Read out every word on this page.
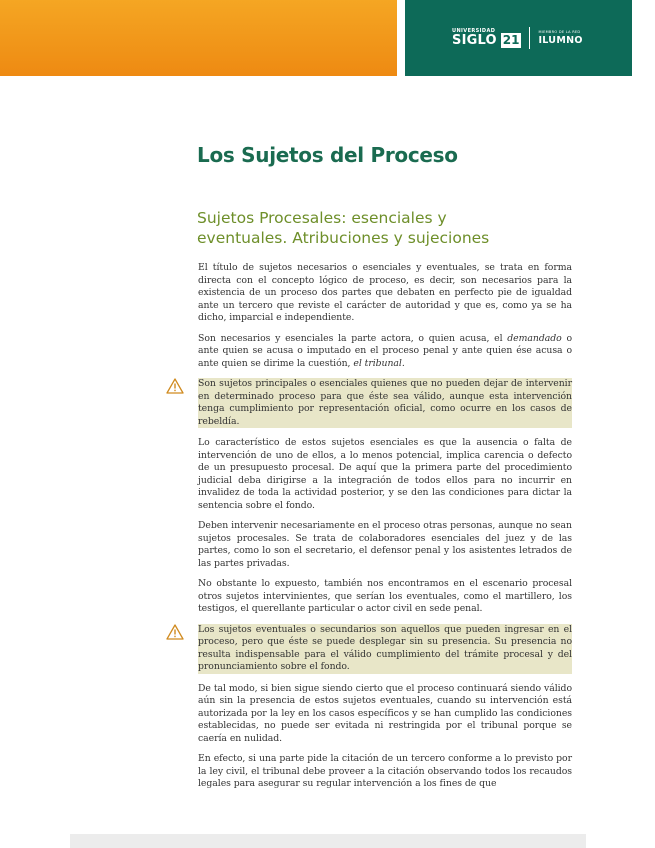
UNIVERSIDAD
SIGLO 21
MIEMBRO DE LA RED
ILUMNO
Los Sujetos del Proceso
Sujetos Procesales: esenciales y eventuales. Atribuciones y sujeciones

El título de sujetos necesarios o esenciales y eventuales, se trata en forma directa con el concepto lógico de proceso, es decir, son necesarios para la existencia de un proceso dos partes que debaten en perfecto pie de igualdad ante un tercero que reviste el carácter de autoridad y que es, como ya se ha dicho, imparcial e independiente.

Son necesarios y esenciales la parte actora, o quien acusa, el demandado o ante quien se acusa o imputado en el proceso penal y ante quien ése acusa o ante quien se dirime la cuestión, el tribunal.

Son sujetos principales o esenciales quienes que no pueden dejar de intervenir en determinado proceso para que éste sea válido, aunque esta intervención tenga cumplimiento por representación oficial, como ocurre en los casos de rebeldía.

Lo característico de estos sujetos esenciales es que la ausencia o falta de intervención de uno de ellos, a lo menos potencial, implica carencia o defecto de un presupuesto procesal. De aquí que la primera parte del procedimiento judicial deba dirigirse a la integración de todos ellos para no incurrir en invalidez de toda la actividad posterior, y se den las condiciones para dictar la sentencia sobre el fondo.

Deben intervenir necesariamente en el proceso otras personas, aunque no sean sujetos procesales. Se trata de colaboradores esenciales del juez y de las partes, como lo son el secretario, el defensor penal y los asistentes letrados de las partes privadas.

No obstante lo expuesto, también nos encontramos en el escenario procesal otros sujetos intervinientes, que serían los eventuales, como el martillero, los testigos, el querellante particular o actor civil en sede penal.

Los sujetos eventuales o secundarios son aquellos que pueden ingresar en el proceso, pero que éste se puede desplegar sin su presencia. Su presencia no resulta indispensable para el válido cumplimiento del trámite procesal y del pronunciamiento sobre el fondo.

De tal modo, si bien sigue siendo cierto que el proceso continuará siendo válido aún sin la presencia de estos sujetos eventuales, cuando su intervención está autorizada por la ley en los casos específicos y se han cumplido las condiciones establecidas, no puede ser evitada ni restringida por el tribunal porque se caería en nulidad.

En efecto, si una parte pide la citación de un tercero conforme a lo previsto por la ley civil, el tribunal debe proveer a la citación observando todos los recaudos legales para asegurar su regular intervención a los fines de que
